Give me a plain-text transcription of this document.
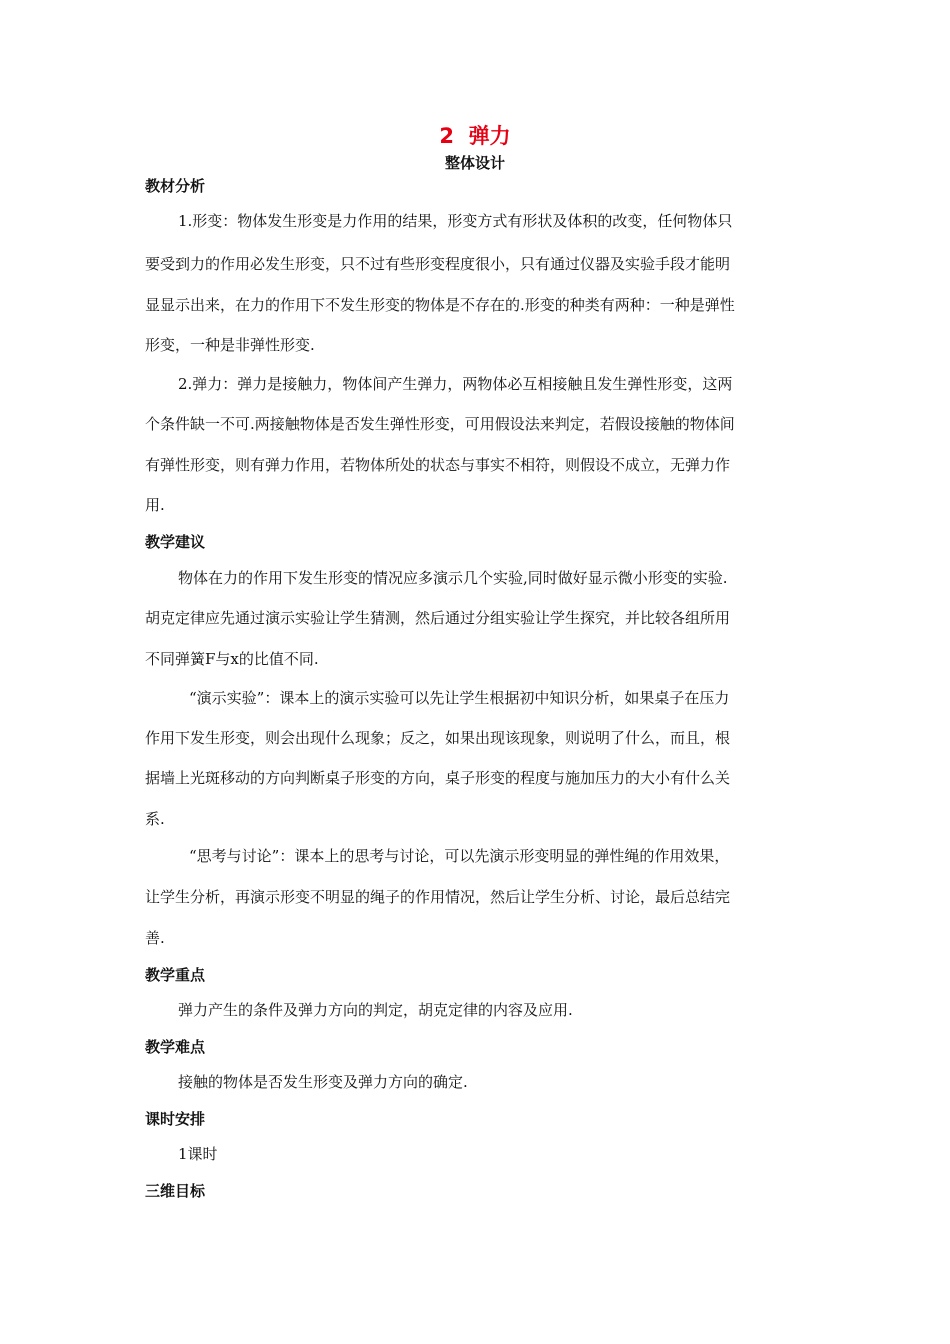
2  弹力
整体设计
教材分析
1.形变：物体发生形变是力作用的结果，形变方式有形状及体积的改变，任何物体只
要受到力的作用必发生形变，只不过有些形变程度很小，只有通过仪器及实验手段才能明
显显示出来，在力的作用下不发生形变的物体是不存在的.形变的种类有两种：一种是弹性
形变，一种是非弹性形变.
2.弹力：弹力是接触力，物体间产生弹力，两物体必互相接触且发生弹性形变，这两
个条件缺一不可.两接触物体是否发生弹性形变，可用假设法来判定，若假设接触的物体间
有弹性形变，则有弹力作用，若物体所处的状态与事实不相符，则假设不成立，无弹力作
用.
教学建议
物体在力的作用下发生形变的情况应多演示几个实验,同时做好显示微小形变的实验.
胡克定律应先通过演示实验让学生猜测，然后通过分组实验让学生探究，并比较各组所用
不同弹簧F与x的比值不同.
“演示实验”：课本上的演示实验可以先让学生根据初中知识分析，如果桌子在压力
作用下发生形变，则会出现什么现象；反之，如果出现该现象，则说明了什么，而且，根
据墙上光斑移动的方向判断桌子形变的方向，桌子形变的程度与施加压力的大小有什么关
系.
“思考与讨论”：课本上的思考与讨论，可以先演示形变明显的弹性绳的作用效果，
让学生分析，再演示形变不明显的绳子的作用情况，然后让学生分析、讨论，最后总结完
善.
教学重点
弹力产生的条件及弹力方向的判定，胡克定律的内容及应用.
教学难点
接触的物体是否发生形变及弹力方向的确定.
课时安排
1课时
三维目标
